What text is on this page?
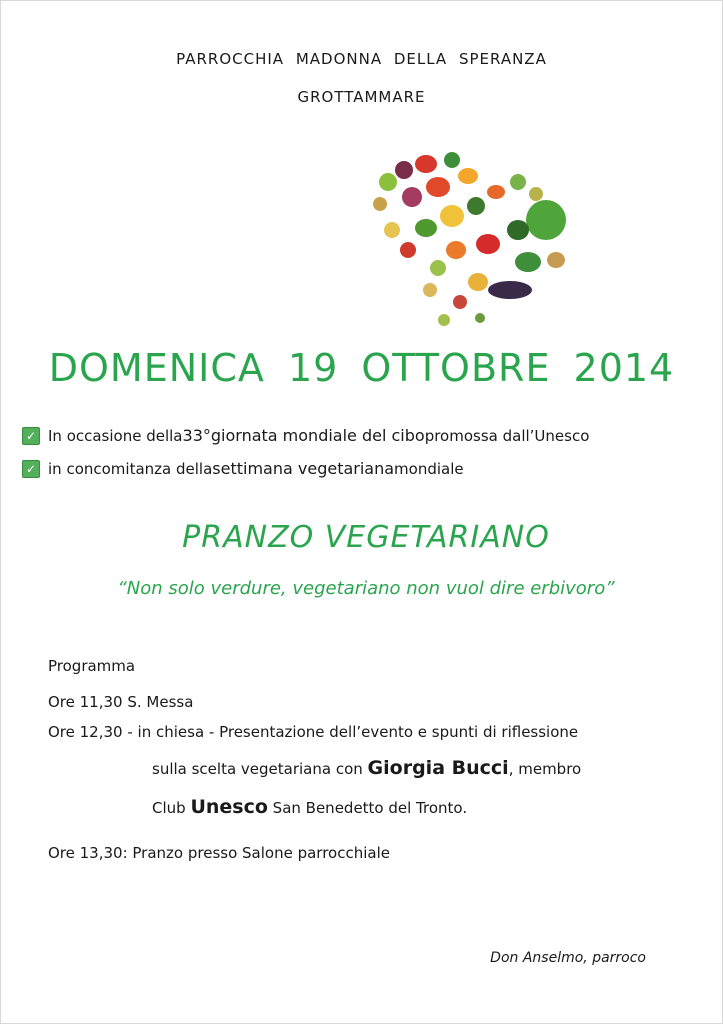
PARROCCHIA MADONNA DELLA SPERANZA
GROTTAMMARE
DOMENICA 19 OTTOBRE 2014
✓ In occasione della 33°giornata mondiale del cibo promossa dall’Unesco
✓ in concomitanza della settimana vegetariana mondiale
PRANZO VEGETARIANO
“Non solo verdure, vegetariano non vuol dire erbivoro”
Programma
Ore 11,30 S. Messa
Ore 12,30 - in chiesa - Presentazione dell’evento e spunti di riflessione
sulla scelta vegetariana con Giorgia Bucci, membro
Club Unesco San Benedetto del Tronto.
Ore 13,30: Pranzo presso Salone parrocchiale
Don Anselmo, parroco
